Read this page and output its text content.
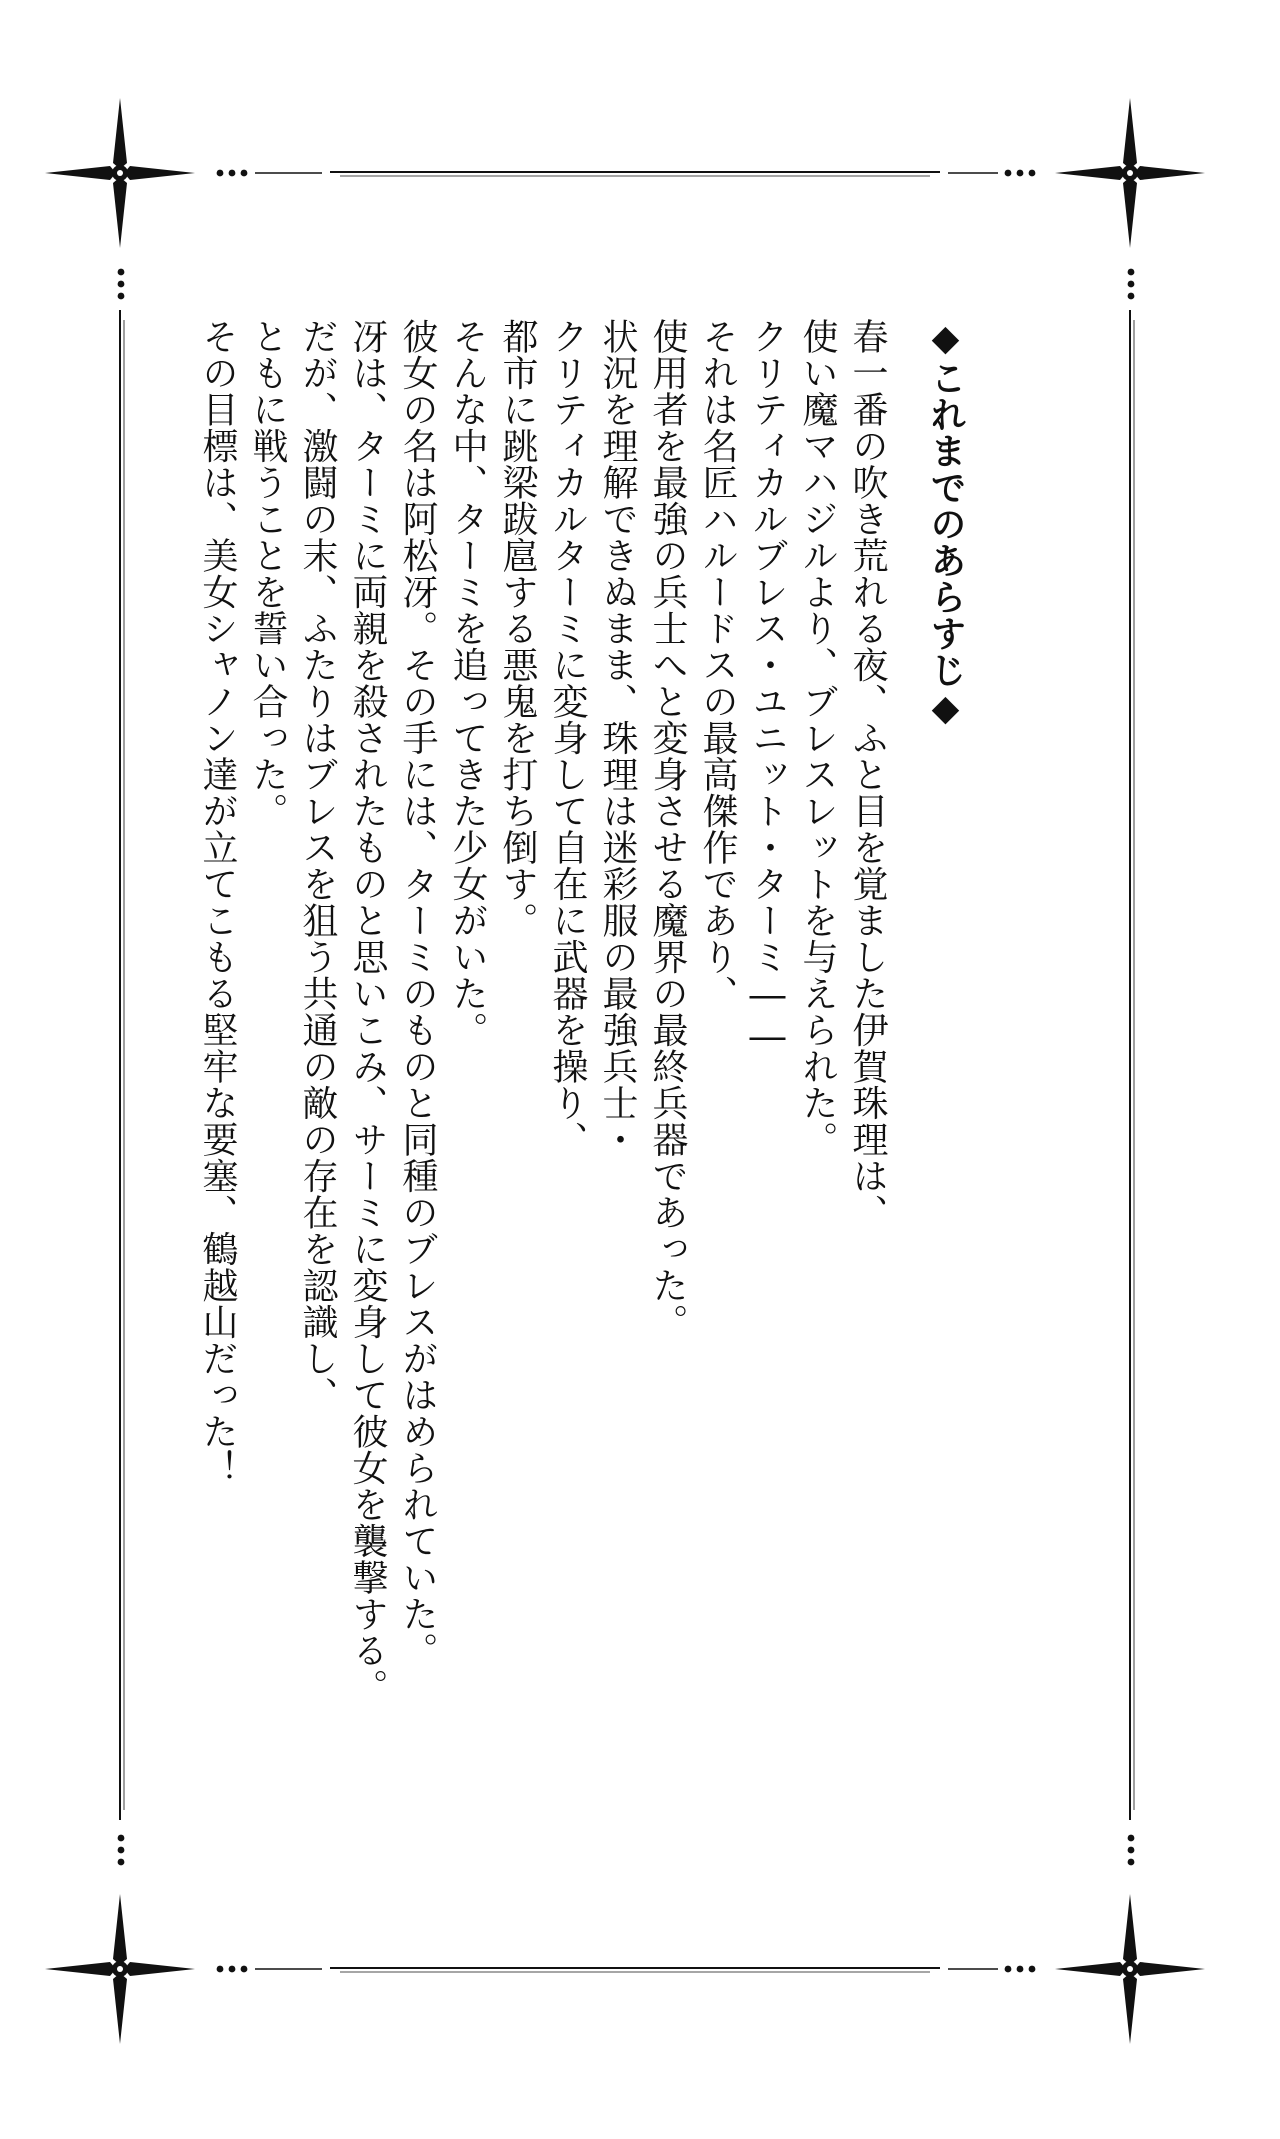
◆これまでのあらすじ◆
春一番の吹き荒れる夜、ふと目を覚ました伊賀珠理は、
使い魔マハジルより、ブレスレットを与えられた。
クリティカルブレス・ユニット・ターミ――
それは名匠ハルードスの最高傑作であり、
使用者を最強の兵士へと変身させる魔界の最終兵器であった。
状況を理解できぬまま、珠理は迷彩服の最強兵士・
クリティカルターミに変身して自在に武器を操り、
都市に跳梁跋扈する悪鬼を打ち倒す。
そんな中、ターミを追ってきた少女がいた。
彼女の名は阿松冴。その手には、ターミのものと同種のブレスがはめられていた。
冴は、ターミに両親を殺されたものと思いこみ、サーミに変身して彼女を襲撃する。
だが、激闘の末、ふたりはブレスを狙う共通の敵の存在を認識し、
ともに戦うことを誓い合った。
その目標は、美女シャノン達が立てこもる堅牢な要塞、鶴越山だった！
